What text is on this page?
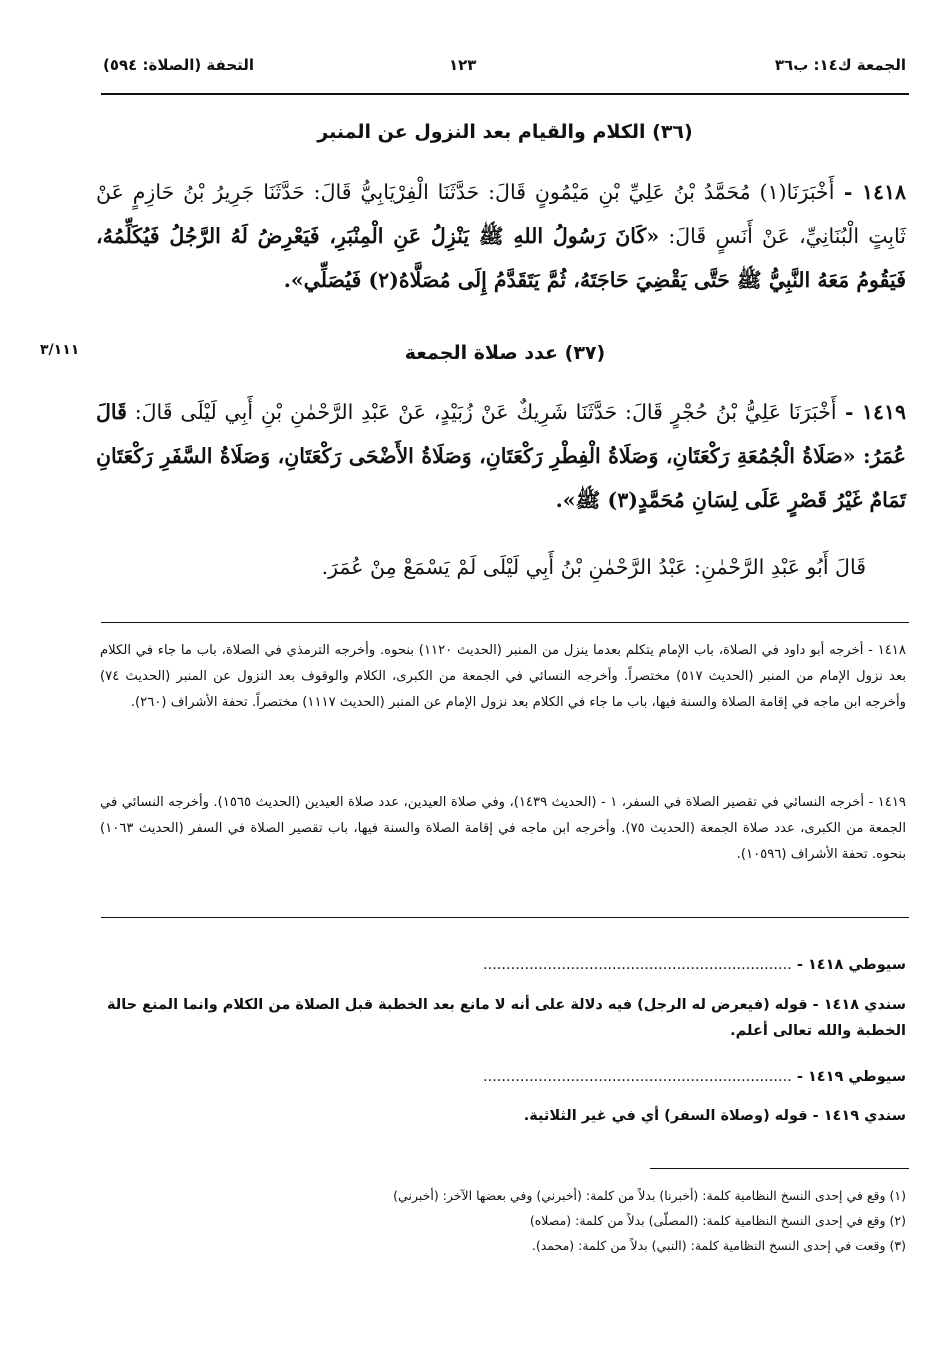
الجمعة ك١٤: ب٣٦
١٢٣
التحفة (الصلاة: ٥٩٤)
(٣٦) الكلام والقيام بعد النزول عن المنبر
١٤١٨ - أَخْبَرَنَا(١) مُحَمَّدُ بْنُ عَلِيِّ بْنِ مَيْمُونٍ قَالَ: حَدَّثَنَا الْفِرْيَابِيُّ قَالَ: حَدَّثَنَا جَرِيرُ بْنُ حَازِمٍ عَنْ ثَابِتٍ الْبُنَانِيِّ، عَنْ أَنَسٍ قَالَ: «كَانَ رَسُولُ اللهِ ﷺ يَنْزِلُ عَنِ الْمِنْبَرِ، فَيَعْرِضُ لَهُ الرَّجُلُ فَيُكَلِّمُهُ، فَيَقُومُ مَعَهُ النَّبِيُّ ﷺ حَتَّى يَقْضِيَ حَاجَتَهُ، ثُمَّ يَتَقَدَّمُ إِلَى مُصَلَّاهُ(٢) فَيُصَلِّي».
٣/١١١	(٣٧) عدد صلاة الجمعة
١٤١٩ - أَخْبَرَنَا عَلِيُّ بْنُ حُجْرٍ قَالَ: حَدَّثَنَا شَرِيكٌ عَنْ زُبَيْدٍ، عَنْ عَبْدِ الرَّحْمٰنِ بْنِ أَبِي لَيْلَى قَالَ: قَالَ عُمَرُ: «صَلَاةُ الْجُمُعَةِ رَكْعَتَانِ، وَصَلَاةُ الْفِطْرِ رَكْعَتَانِ، وَصَلَاةُ الأَضْحَى رَكْعَتَانِ، وَصَلَاةُ السَّفَرِ رَكْعَتَانِ تَمَامٌ غَيْرُ قَصْرٍ عَلَى لِسَانِ مُحَمَّدٍ(٣) ﷺ».
قَالَ أَبُو عَبْدِ الرَّحْمٰنِ: عَبْدُ الرَّحْمٰنِ بْنُ أَبِي لَيْلَى لَمْ يَسْمَعْ مِنْ عُمَرَ.
١٤١٨ - أخرجه أبو داود في الصلاة، باب الإمام يتكلم بعدما ينزل من المنبر (الحديث ١١٢٠) بنحوه. وأخرجه الترمذي في الصلاة، باب ما جاء في الكلام بعد نزول الإمام من المنبر (الحديث ٥١٧) مختصراً. وأخرجه النسائي في الجمعة من الكبرى، الكلام والوقوف بعد النزول عن المنبر (الحديث ٧٤) وأخرجه ابن ماجه في إقامة الصلاة والسنة فيها، باب ما جاء في الكلام بعد نزول الإمام عن المنبر (الحديث ١١١٧) مختصراً. تحفة الأشراف (٢٦٠).
١٤١٩ - أخرجه النسائي في تقصير الصلاة في السفر، ١ - (الحديث ١٤٣٩)، وفي صلاة العيدين، عدد صلاة العيدين (الحديث ١٥٦٥). وأخرجه النسائي في الجمعة من الكبرى، عدد صلاة الجمعة (الحديث ٧٥). وأخرجه ابن ماجه في إقامة الصلاة والسنة فيها، باب تقصير الصلاة في السفر (الحديث ١٠٦٣) بنحوه. تحفة الأشراف (١٠٥٩٦).
سيوطي ١٤١٨ - ...................................................................
سندي ١٤١٨ - قوله (فيعرض له الرجل) فيه دلالة على أنه لا مانع بعد الخطبة قبل الصلاة من الكلام وانما المنع حالة الخطبة والله تعالى أعلم.
سيوطي ١٤١٩ - ...................................................................
سندي ١٤١٩ - قوله (وصلاة السفر) أي في غير الثلاثية.
(١) وقع في إحدى النسخ النظامية كلمة: (أخبرنا) بدلاً من كلمة: (أخبرني) وفي بعضها الآخر: (أخبرني)
(٢) وقع في إحدى النسخ النظامية كلمة: (المصلّى) بدلاً من كلمة: (مصلاه)
(٣) وقعت في إحدى النسخ النظامية كلمة: (النبي) بدلاً من كلمة: (محمد).
